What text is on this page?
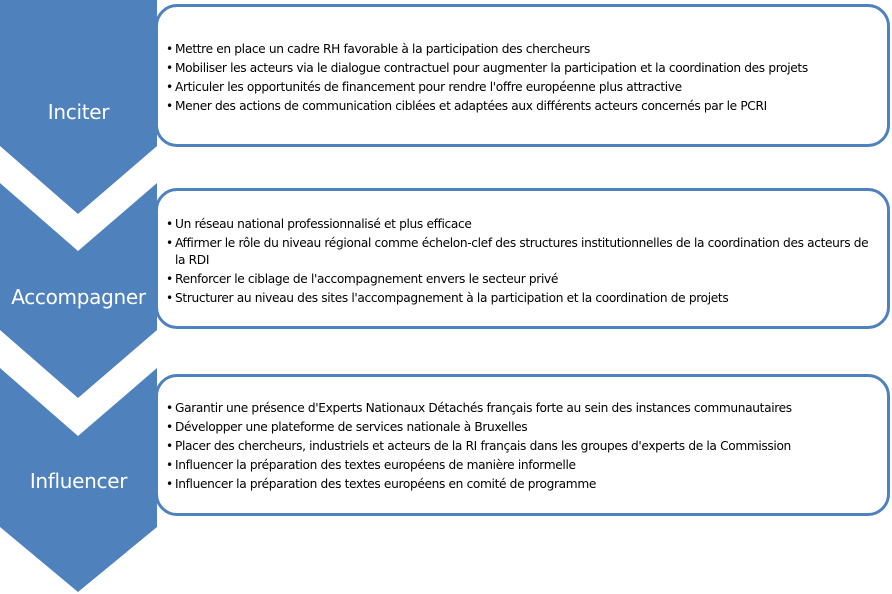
Inciter
Accompagner
Influencer
• Mettre en place un cadre RH favorable à la participation des chercheurs
• Mobiliser les acteurs via le dialogue contractuel pour augmenter la participation et la coordination des projets
• Articuler les opportunités de financement pour rendre l'offre européenne plus attractive
• Mener des actions de communication ciblées et adaptées aux différents acteurs concernés par le PCRI
• Un réseau national professionnalisé et plus efficace
• Affirmer le rôle du niveau régional comme échelon-clef des structures institutionnelles de la coordination des acteurs de la RDI
• Renforcer le ciblage de l'accompagnement envers le secteur privé
• Structurer au niveau des sites l'accompagnement à la participation et la coordination de projets
• Garantir une présence d'Experts Nationaux Détachés français forte au sein des instances communautaires
• Développer une plateforme de services nationale à Bruxelles
• Placer des chercheurs, industriels et acteurs de la RI français dans les groupes d'experts de la Commission
• Influencer la préparation des textes européens de manière informelle
• Influencer la préparation des textes européens en comité de programme
